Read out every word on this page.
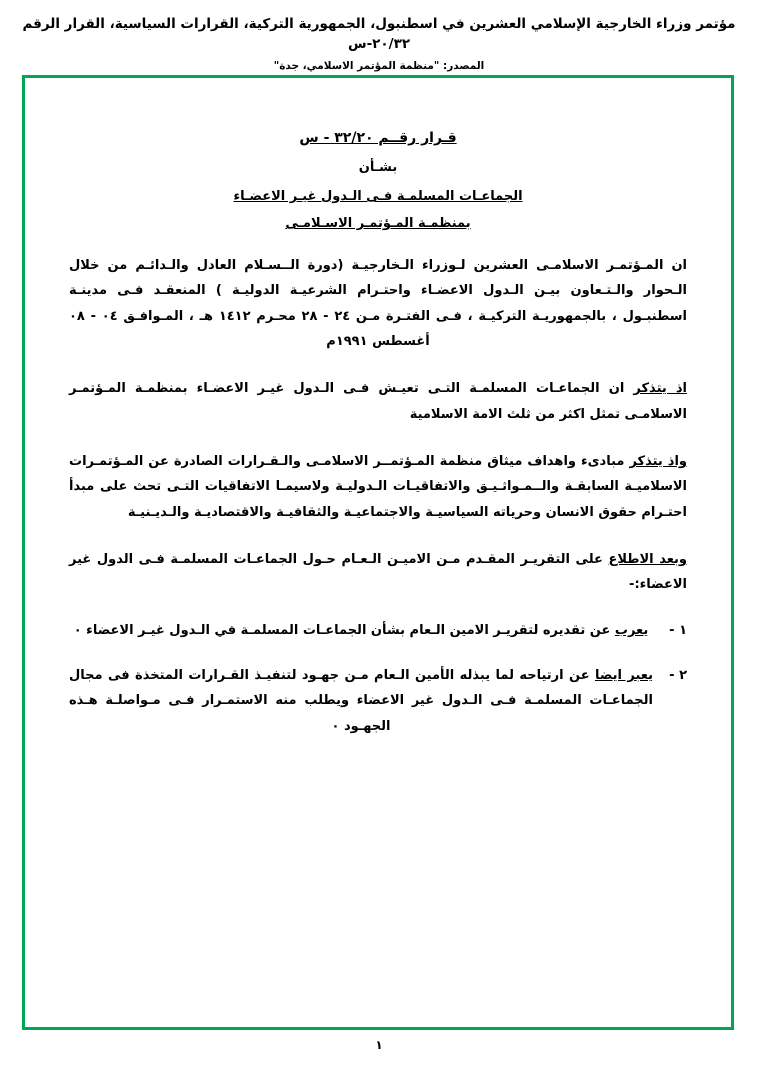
مؤتمر وزراء الخارجية الإسلامي العشرين في اسطنبول، الجمهورية التركية، القرارات السياسية، القرار الرقم ٢٠/٣٢-س
المصدر: "منظمة المؤتمر الاسلامي، جدة"
قـرار رقــم ٣٢/٢٠ - س
بشـأن
الجماعـات المسلمـة فـى الـدول غيـر الاعضـاء
بمنظمـة المـؤتمـر الاسـلامـى
ان المـؤتمـر الاسلامـى العشرين لـوزراء الـخارجيـة (دورة الــسـلام العادل والـدائـم من خلال الـحوار والـتـعاون بيـن الـدول الاعضـاء واحتـرام الشرعيـة الدوليـة ) المنعقـد فـى مدينـة اسطنبـول ، بالجمهوريـة التركيـة ، فـى الفتـرة مـن ٢٤ - ٢٨ محـرم ١٤١٢ هـ ، المـوافـق ٠٤ - ٠٨ أغسطس ١٩٩١م
اذ يتذكر ان الجماعـات المسلمـة التـى تعيـش فـى الـدول غيـر الاعضـاء بمنظمـة المـؤتمـر الاسلامـى تمثل اكثر من ثلث الامة الاسلامية
واذ يتذكر مبادىء واهداف ميثاق منظمة المـؤتمــر الاسلامـى والـقـرارات الصادرة عن المـؤتمـرات الاسلاميـة السابقـة والــمـواثـيـق والاتفاقيـات الـدوليـة ولاسيمـا الاتفاقيات التـى تحث على مبدأ احتـرام حقوق الانسان وحرياته السياسيـة والاجتماعيـة والثقافيـة والاقتصاديـة والـديـنيـة
وبعد الاطلاع على التقريـر المقـدم مـن الاميـن الـعـام حـول الجماعـات المسلمـة فـى الدول غير الاعضاء:-
١ -
يعرب عن تقديره لتقريـر الامين الـعام بشأن الجماعـات المسلمـة في الـدول غيـر الاعضاء ٠
٢ -
يعبر ايضا عن ارتياحه لما يبذله الأمين الـعام مـن جهـود لتنفيـذ القـرارات المتخذة فى مجال الجماعـات المسلمـة فـى الـدول غير الاعضاء ويطلب منه الاستمـرار فـى مـواصلـة هـذه الجهـود ٠
١
